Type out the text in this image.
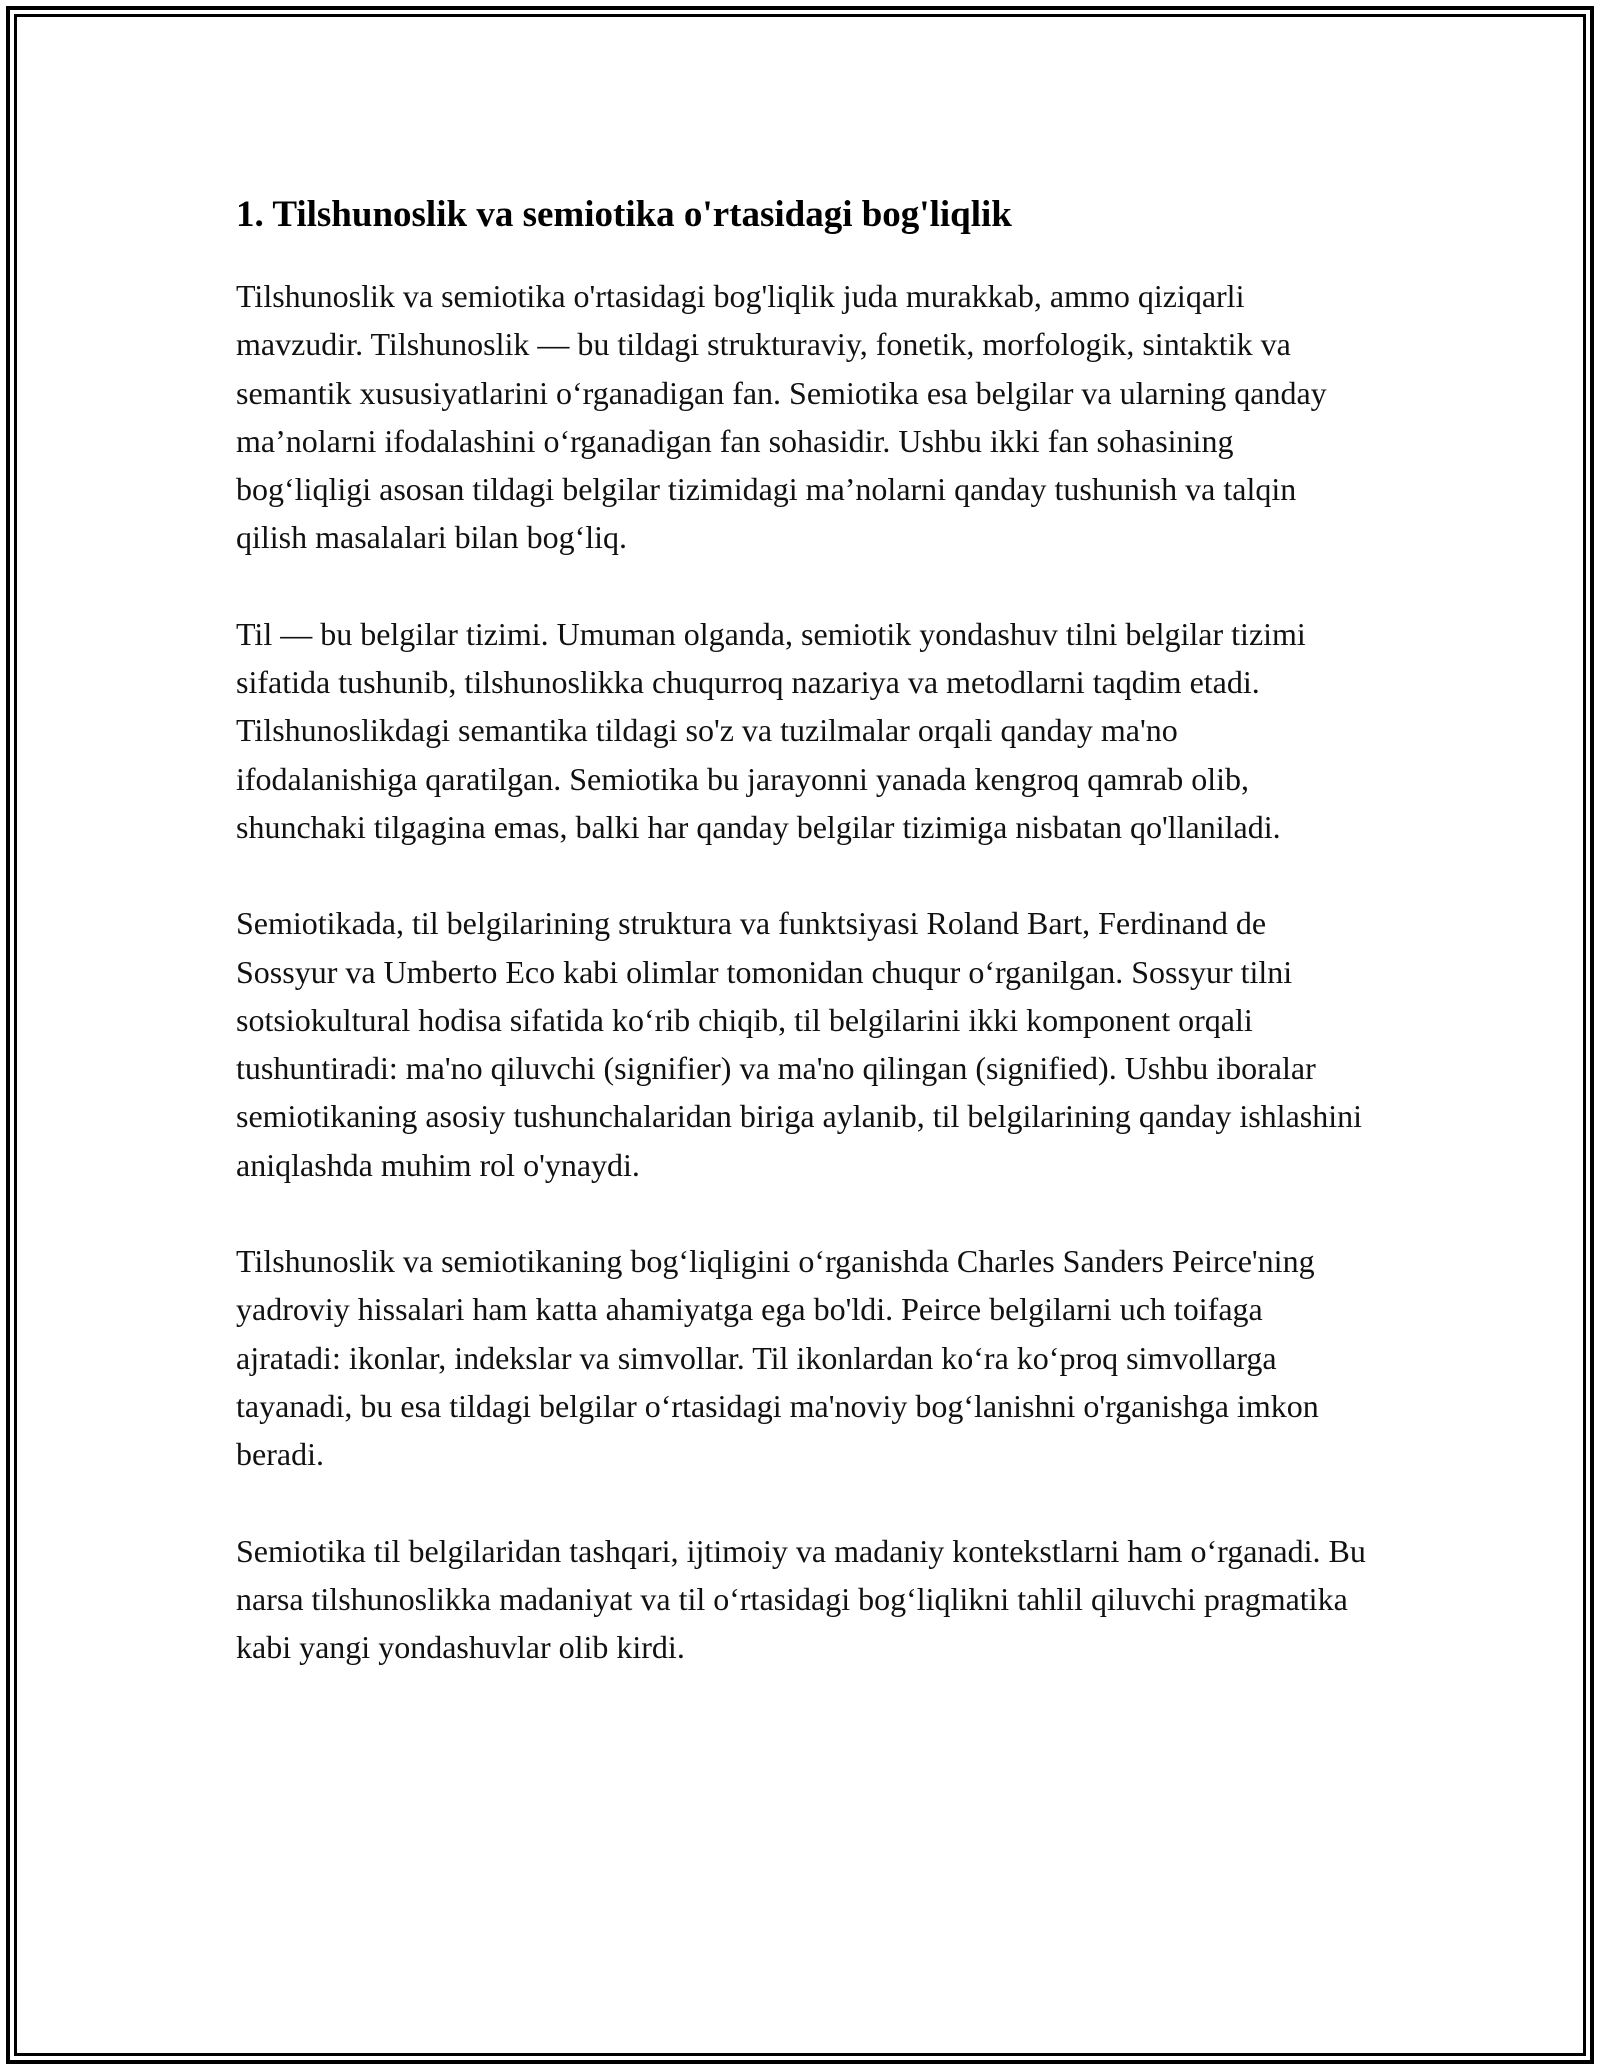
1. Tilshunoslik va semiotika o'rtasidagi bog'liqlik

Tilshunoslik va semiotika o'rtasidagi bog'liqlik juda murakkab, ammo qiziqarli mavzudir. Tilshunoslik — bu tildagi strukturaviy, fonetik, morfologik, sintaktik va semantik xususiyatlarini o‘rganadigan fan. Semiotika esa belgilar va ularning qanday ma’nolarni ifodalashini o‘rganadigan fan sohasidir. Ushbu ikki fan sohasining bog‘liqligi asosan tildagi belgilar tizimidagi ma’nolarni qanday tushunish va talqin qilish masalalari bilan bog‘liq.

Til — bu belgilar tizimi. Umuman olganda, semiotik yondashuv tilni belgilar tizimi sifatida tushunib, tilshunoslikka chuqurroq nazariya va metodlarni taqdim etadi. Tilshunoslikdagi semantika tildagi so'z va tuzilmalar orqali qanday ma'no ifodalanishiga qaratilgan. Semiotika bu jarayonni yanada kengroq qamrab olib, shunchaki tilgagina emas, balki har qanday belgilar tizimiga nisbatan qo'llaniladi.

Semiotikada, til belgilarining struktura va funktsiyasi Roland Bart, Ferdinand de Sossyur va Umberto Eco kabi olimlar tomonidan chuqur o‘rganilgan. Sossyur tilni sotsiokultural hodisa sifatida ko‘rib chiqib, til belgilarini ikki komponent orqali tushuntiradi: ma'no qiluvchi (signifier) va ma'no qilingan (signified). Ushbu iboralar semiotikaning asosiy tushunchalaridan biriga aylanib, til belgilarining qanday ishlashini aniqlashda muhim rol o'ynaydi.

Tilshunoslik va semiotikaning bog‘liqligini o‘rganishda Charles Sanders Peirce'ning yadroviy hissalari ham katta ahamiyatga ega bo'ldi. Peirce belgilarni uch toifaga ajratadi: ikonlar, indekslar va simvollar. Til ikonlardan ko‘ra ko‘proq simvollarga tayanadi, bu esa tildagi belgilar o‘rtasidagi ma'noviy bog‘lanishni o'rganishga imkon beradi.

Semiotika til belgilaridan tashqari, ijtimoiy va madaniy kontekstlarni ham o‘rganadi. Bu narsa tilshunoslikka madaniyat va til o‘rtasidagi bog‘liqlikni tahlil qiluvchi pragmatika kabi yangi yondashuvlar olib kirdi.
